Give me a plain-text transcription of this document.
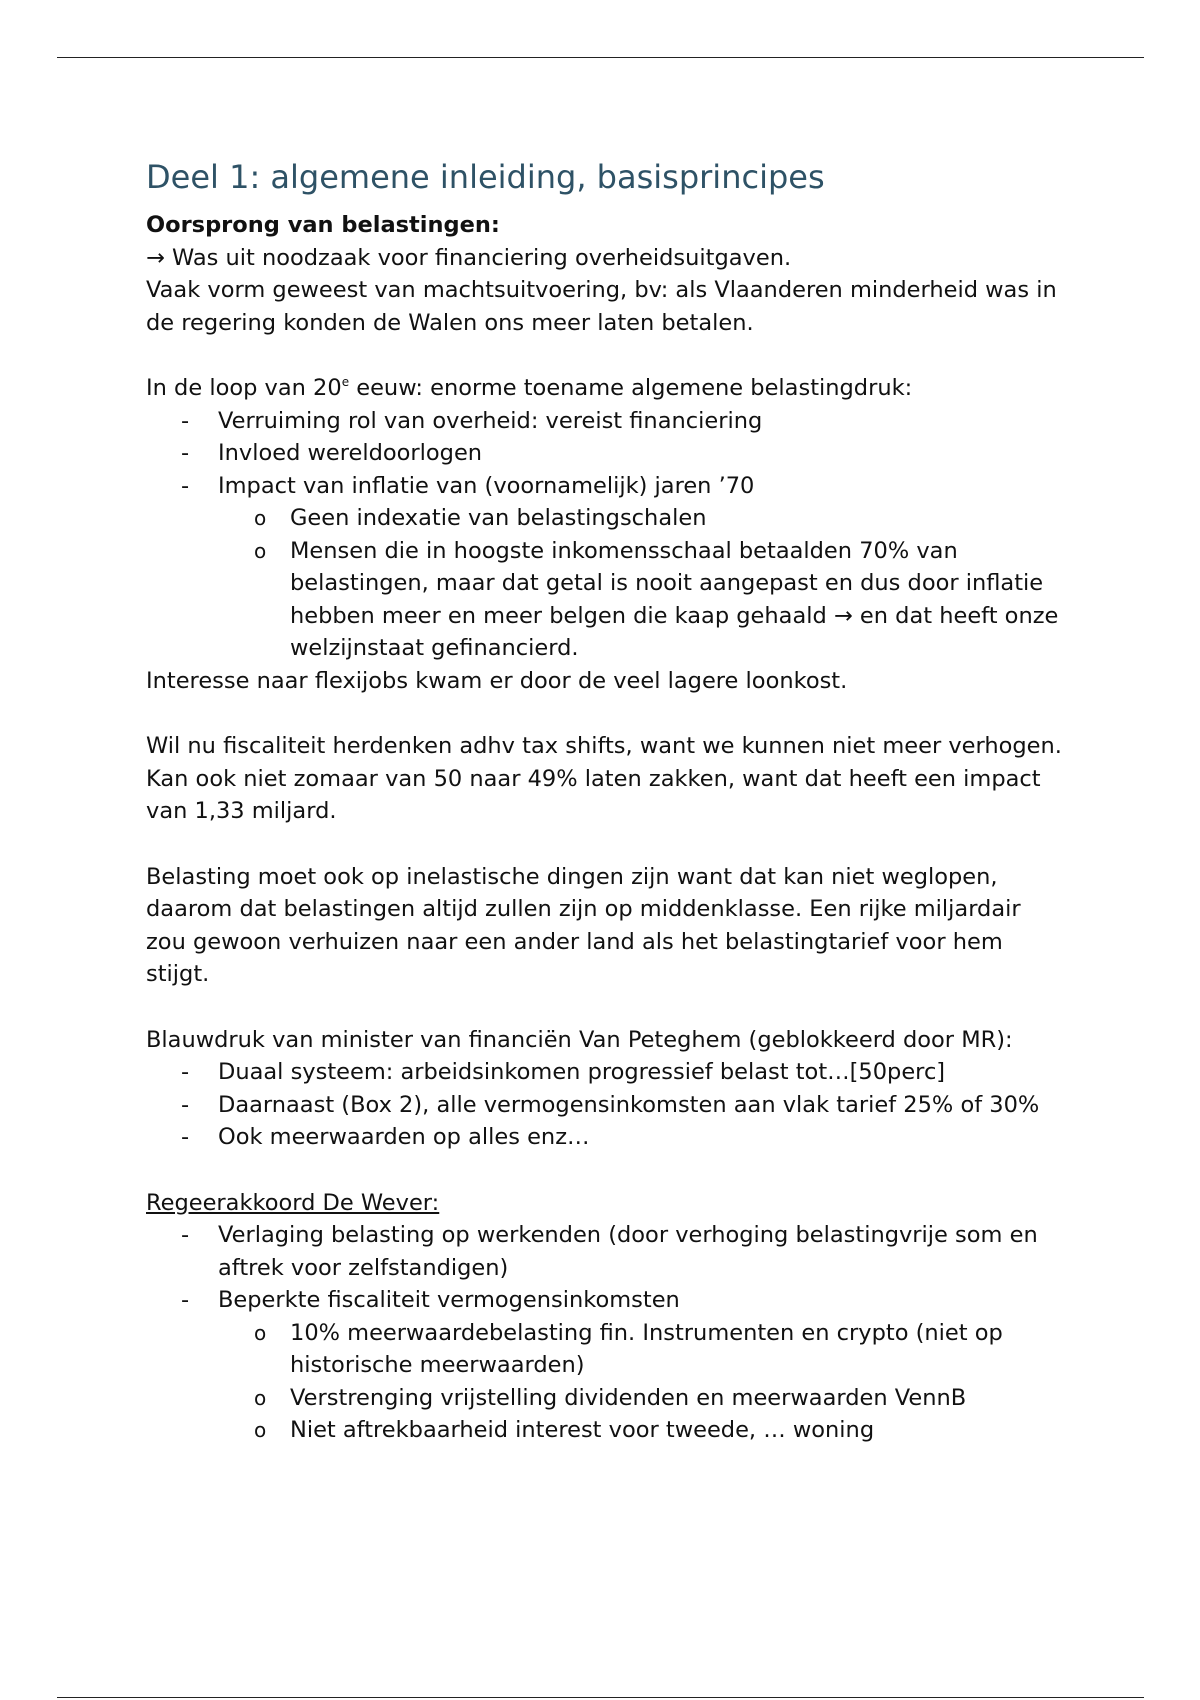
Deel 1: algemene inleiding, basisprincipes

Oorsprong van belastingen:

→ Was uit noodzaak voor financiering overheidsuitgaven.

Vaak vorm geweest van machtsuitvoering, bv: als Vlaanderen minderheid was in de regering konden de Walen ons meer laten betalen.

In de loop van 20e eeuw: enorme toename algemene belastingdruk:

- Verruiming rol van overheid: vereist financiering
- Invloed wereldoorlogen
- Impact van inflatie van (voornamelijk) jaren ’70
o	Geen indexatie van belastingschalen
o	Mensen die in hoogste inkomensschaal betaalden 70% van belastingen, maar dat getal is nooit aangepast en dus door inflatie hebben meer en meer belgen die kaap gehaald → en dat heeft onze welzijnstaat gefinancierd.

Interesse naar flexijobs kwam er door de veel lagere loonkost.

Wil nu fiscaliteit herdenken adhv tax shifts, want we kunnen niet meer verhogen.

Kan ook niet zomaar van 50 naar 49% laten zakken, want dat heeft een impact van 1,33 miljard.

Belasting moet ook op inelastische dingen zijn want dat kan niet weglopen, daarom dat belastingen altijd zullen zijn op middenklasse. Een rijke miljardair zou gewoon verhuizen naar een ander land als het belastingtarief voor hem stijgt.

Blauwdruk van minister van financiën Van Peteghem (geblokkeerd door MR):

- Duaal systeem: arbeidsinkomen progressief belast tot…[50perc]
- Daarnaast (Box 2), alle vermogensinkomsten aan vlak tarief 25% of 30%
- Ook meerwaarden op alles enz…

Regeerakkoord De Wever:

- Verlaging belasting op werkenden (door verhoging belastingvrije som en aftrek voor zelfstandigen)
- Beperkte fiscaliteit vermogensinkomsten
o	10% meerwaardebelasting fin. Instrumenten en crypto (niet op historische meerwaarden)
o	Verstrenging vrijstelling dividenden en meerwaarden VennB
o	Niet aftrekbaarheid interest voor tweede, … woning
